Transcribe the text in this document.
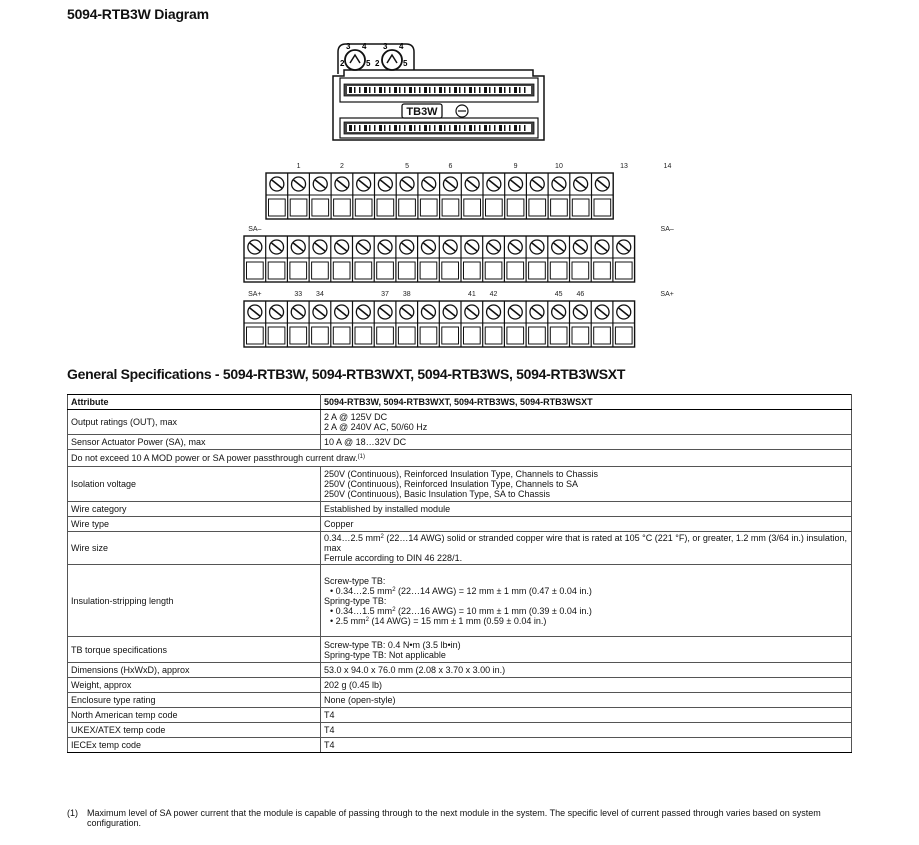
5094-RTB3W Diagram
TB3W
3 4
2	5
3 4
2	5
1	2	5	6	9	10	13	14
SA–	SA–
SA+	33 34	37 38	41 42	45 46	SA+
General Specifications - 5094-RTB3W, 5094-RTB3WXT, 5094-RTB3WS, 5094-RTB3WSXT
Attribute	5094-RTB3W, 5094-RTB3WXT, 5094-RTB3WS, 5094-RTB3WSXT
Output ratings (OUT), max	2 A @ 125V DC
2 A @ 240V AC, 50/60 Hz
Sensor Actuator Power (SA), max	10 A @ 18…32V DC
Do not exceed 10 A MOD power or SA power passthrough current draw.$^{(1)}$
Isolation voltage	250V (Continuous), Reinforced Insulation Type, Channels to Chassis
250V (Continuous), Reinforced Insulation Type, Channels to SA
250V (Continuous), Basic Insulation Type, SA to Chassis
Wire category	Established by installed module
Wire type	Copper
Wire size	0.34…2.5 $mm^2$ (22…14 AWG) solid or stranded copper wire that is rated at 105 °C (221 °F), or greater, 1.2 mm (3/64 in.) insulation, max
Ferrule according to DIN 46 228/1.
Insulation-stripping length	Screw-type TB:

• 0.34…2.5 $mm^2$ (22…14 AWG) = 12 mm ± 1 mm (0.47 ± 0.04 in.)
Spring-type TB:

• 0.34…1.5 $mm^2$ (22…16 AWG) = 10 mm ± 1 mm (0.39 ± 0.04 in.)
• 2.5 $mm^2$ (14 AWG) = 15 mm ± 1 mm (0.59 ± 0.04 in.)

TB torque specifications	Screw-type TB: 0.4 N•m (3.5 lb•in)
Spring-type TB: Not applicable
Dimensions (HxWxD), approx	53.0 x 94.0 x 76.0 mm (2.08 x 3.70 x 3.00 in.)
Weight, approx	202 g (0.45 lb)
Enclosure type rating	None (open-style)
North American temp code	T4
UKEX/ATEX temp code	T4
IECEx temp code	T4
(1)	Maximum level of SA power current that the module is capable of passing through to the next module in the system. The specific level of current passed through varies based on system configuration.
